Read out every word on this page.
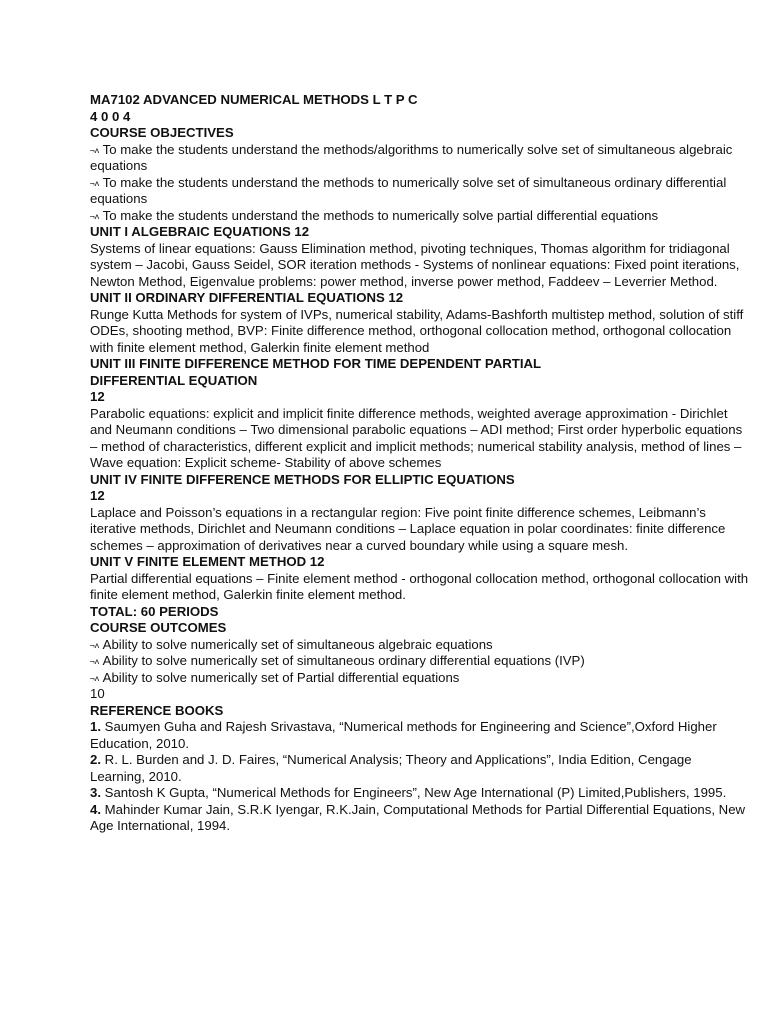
MA7102 ADVANCED NUMERICAL METHODS L T P C
4 0 0 4
COURSE OBJECTIVES
¬ʌ To make the students understand the methods/algorithms to numerically solve set of simultaneous algebraic equations
¬ʌ To make the students understand the methods to numerically solve set of simultaneous ordinary differential equations
¬ʌ To make the students understand the methods to numerically solve partial differential equations
UNIT I ALGEBRAIC EQUATIONS 12
Systems of linear equations: Gauss Elimination method, pivoting techniques, Thomas algorithm for tridiagonal system – Jacobi, Gauss Seidel, SOR iteration methods - Systems of nonlinear equations: Fixed point iterations, Newton Method, Eigenvalue problems: power method, inverse power method, Faddeev – Leverrier Method.
UNIT II ORDINARY DIFFERENTIAL EQUATIONS 12
Runge Kutta Methods for system of IVPs, numerical stability, Adams-Bashforth multistep method, solution of stiff ODEs, shooting method, BVP: Finite difference method, orthogonal collocation method, orthogonal collocation with finite element method, Galerkin finite element method
UNIT III FINITE DIFFERENCE METHOD FOR TIME DEPENDENT PARTIAL DIFFERENTIAL EQUATION
12
Parabolic equations: explicit and implicit finite difference methods, weighted average approximation - Dirichlet and Neumann conditions – Two dimensional parabolic equations – ADI method; First order hyperbolic equations – method of characteristics, different explicit and implicit methods; numerical stability analysis, method of lines – Wave equation: Explicit scheme- Stability of above schemes
UNIT IV FINITE DIFFERENCE METHODS FOR ELLIPTIC EQUATIONS
12
Laplace and Poisson’s equations in a rectangular region: Five point finite difference schemes, Leibmann’s iterative methods, Dirichlet and Neumann conditions – Laplace equation in polar coordinates: finite difference schemes – approximation of derivatives near a curved boundary while using a square mesh.
UNIT V FINITE ELEMENT METHOD 12
Partial differential equations – Finite element method - orthogonal collocation method, orthogonal collocation with finite element method, Galerkin finite element method.
TOTAL: 60 PERIODS
COURSE OUTCOMES
¬ʌ Ability to solve numerically set of simultaneous algebraic equations
¬ʌ Ability to solve numerically set of simultaneous ordinary differential equations (IVP)
¬ʌ Ability to solve numerically set of Partial differential equations
10
REFERENCE BOOKS
1. Saumyen Guha and Rajesh Srivastava, “Numerical methods for Engineering and Science”,Oxford Higher Education, 2010.
2. R. L. Burden and J. D. Faires, “Numerical Analysis; Theory and Applications”, India Edition, Cengage Learning, 2010.
3. Santosh K Gupta, “Numerical Methods for Engineers”, New Age International (P) Limited,Publishers, 1995.
4. Mahinder Kumar Jain, S.R.K Iyengar, R.K.Jain, Computational Methods for Partial Differential Equations, New Age International, 1994.
